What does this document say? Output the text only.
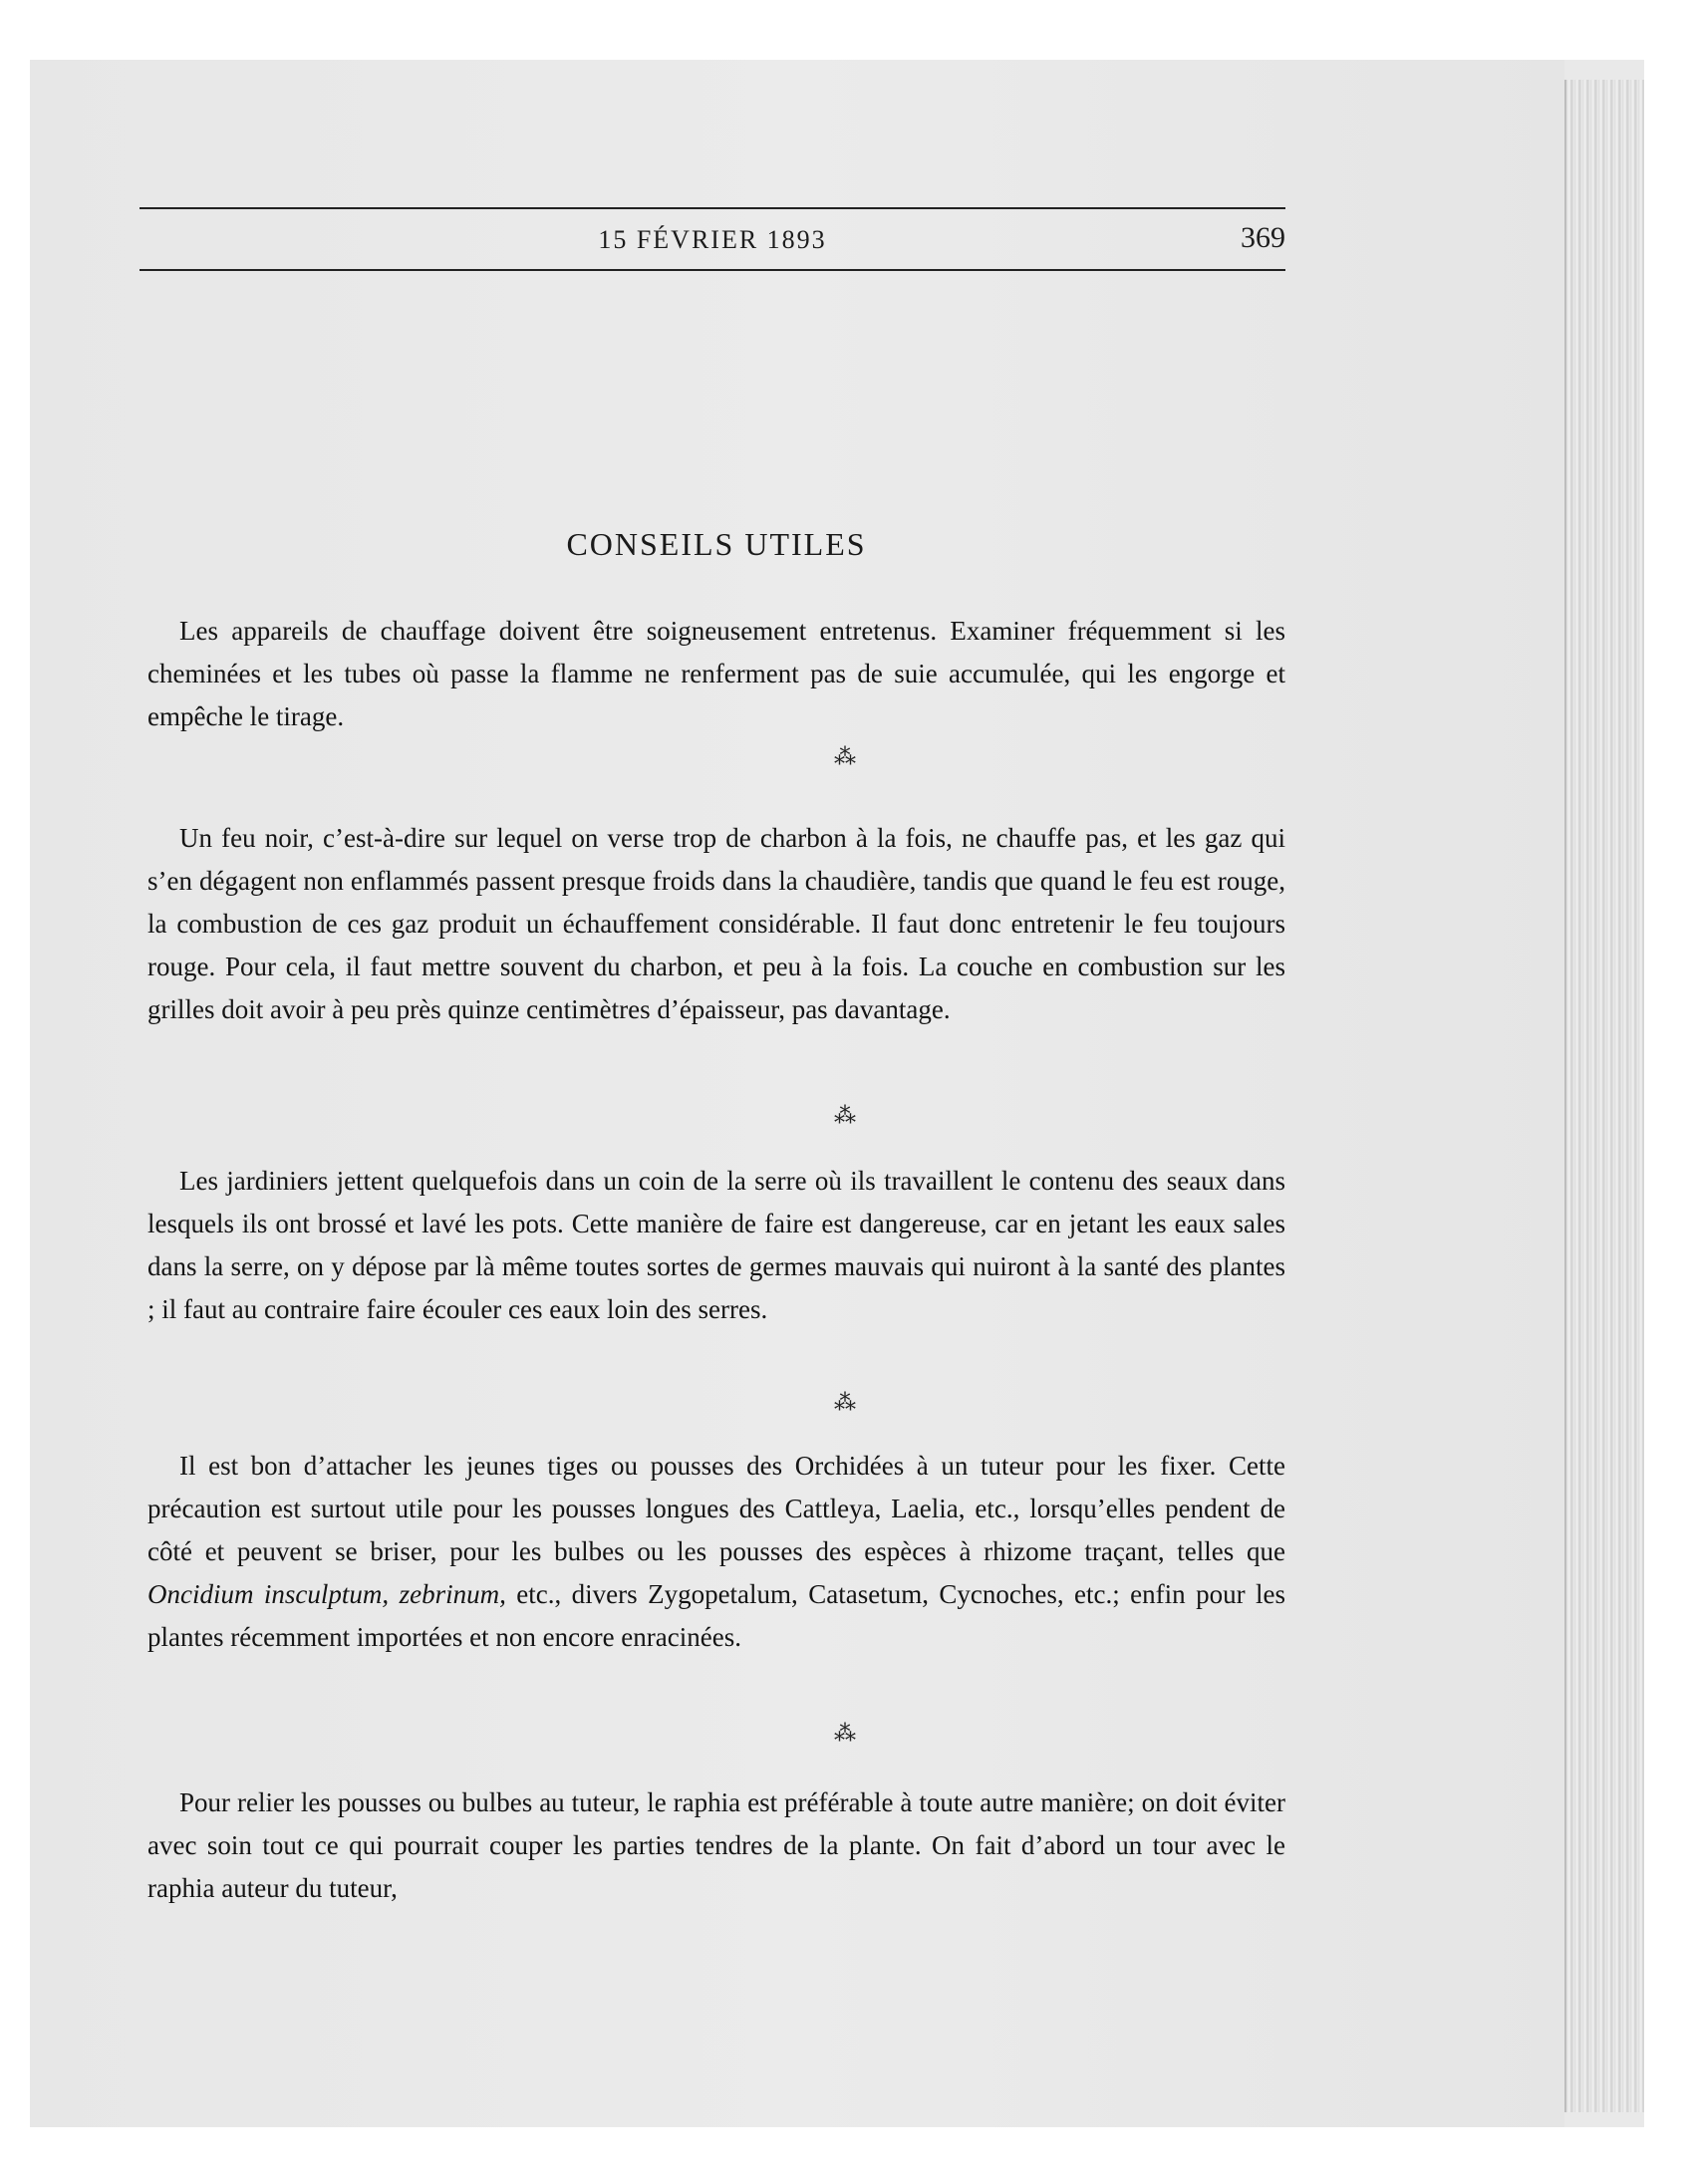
15 FÉVRIER 1893	369
CONSEILS UTILES
Les appareils de chauffage doivent être soigneusement entretenus. Examiner fréquemment si les cheminées et les tubes où passe la flamme ne renferment pas de suie accumulée, qui les engorge et empêche le tirage.
⁂
Un feu noir, c’est-à-dire sur lequel on verse trop de charbon à la fois, ne chauffe pas, et les gaz qui s’en dégagent non enflammés passent presque froids dans la chaudière, tandis que quand le feu est rouge, la combustion de ces gaz produit un échauffement considérable. Il faut donc entretenir le feu toujours rouge. Pour cela, il faut mettre souvent du charbon, et peu à la fois. La couche en combustion sur les grilles doit avoir à peu près quinze centimètres d’épaisseur, pas davantage.
⁂
Les jardiniers jettent quelquefois dans un coin de la serre où ils travaillent le contenu des seaux dans lesquels ils ont brossé et lavé les pots. Cette manière de faire est dangereuse, car en jetant les eaux sales dans la serre, on y dépose par là même toutes sortes de germes mauvais qui nuiront à la santé des plantes ; il faut au contraire faire écouler ces eaux loin des serres.
⁂
Il est bon d’attacher les jeunes tiges ou pousses des Orchidées à un tuteur pour les fixer. Cette précaution est surtout utile pour les pousses longues des Cattleya, Laelia, etc., lorsqu’elles pendent de côté et peuvent se briser, pour les bulbes ou les pousses des espèces à rhizome traçant, telles que Oncidium insculptum, zebrinum, etc., divers Zygopetalum, Catasetum, Cycnoches, etc.; enfin pour les plantes récemment importées et non encore enracinées.
⁂
Pour relier les pousses ou bulbes au tuteur, le raphia est préférable à toute autre manière; on doit éviter avec soin tout ce qui pourrait couper les parties tendres de la plante. On fait d’abord un tour avec le raphia auteur du tuteur,
